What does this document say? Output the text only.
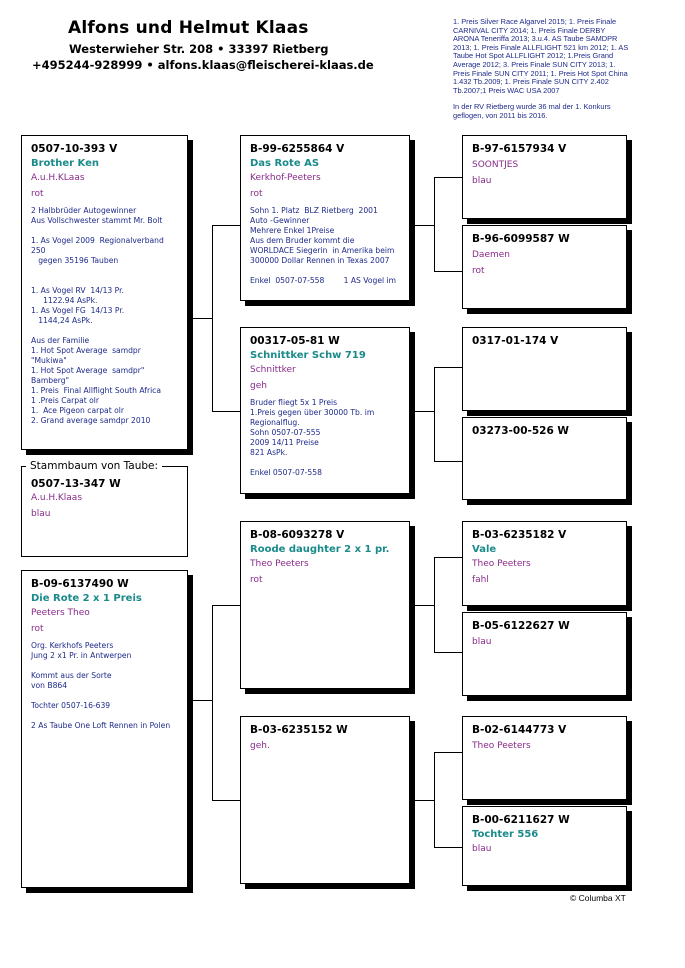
Alfons und Helmut Klaas
Westerwieher Str. 208 • 33397 Rietberg
+495244-928999 • alfons.klaas@fleischerei-klaas.de

1. Preis Silver Race Algarvel 2015; 1. Preis Finale

CARNIVAL CITY 2014; 1. Preis Finale DERBY

ARONA Teneriffa 2013; 3.u.4. AS Taube SAMDPR

2013; 1. Preis Finale ALLFLIGHT 521 km 2012; 1. AS

Taube Hot Spot ALLFLIGHT 2012; 1.Preis Grand

Average 2012; 3. Preis Finale SUN CITY 2013; 1.

Preis Finale SUN CITY 2011; 1. Preis Hot Spot China

1.432 Tb.2009; 1. Preis Finale SUN CITY 2.402

Tb.2007;1 Preis WAC USA 2007

In der RV Rietberg wurde 36 mal der 1. Konkurs

geflogen, von 2011 bis 2016.

0507-10-393 V
Brother Ken
A.u.H.KLaas
rot
2 Halbbrüder Autogewinner
Aus Vollschwester stammt Mr. Bolt
1. As Vogel 2009  Regionalverband
250
gegen 35196 Tauben
1. As Vogel RV  14/13 Pr.
1122.94 AsPk.
1. As Vogel FG  14/13 Pr.
1144,24 AsPk.
Aus der Familie
1. Hot Spot Average  samdpr
"Mukiwa"
1. Hot Spot Average  samdpr"
Bamberg"
1. Preis  Final Allflight South Africa
1 .Preis Carpat olr
1.  Ace Pigeon carpat olr
2. Grand average samdpr 2010
Stammbaum von Taube:
0507-13-347 W
A.u.H.Klaas
blau
B-09-6137490 W
Die Rote 2 x 1 Preis
Peeters Theo
rot
Org. Kerkhofs Peeters
Jung 2 x1 Pr. in Antwerpen
Kommt aus der Sorte
von B864
Tochter 0507-16-639
2 As Taube One Loft Rennen in Polen
B-99-6255864 V
Das Rote AS
Kerkhof-Peeters
rot
Sohn 1. Platz  BLZ Rietberg  2001
Auto -Gewinner
Mehrere Enkel 1Preise
Aus dem Bruder kommt die
WORLDACE Siegerin  in Amerika beim
300000 Dollar Rennen in Texas 2007
Enkel  0507-07-558        1 AS Vogel im
00317-05-81 W
Schnittker Schw 719
Schnittker
geh
Bruder fliegt 5x 1 Preis
1.Preis gegen über 30000 Tb. im
Regionalflug.
Sohn 0507-07-555
2009 14/11 Preise
821 AsPk.
Enkel 0507-07-558
B-08-6093278 V
Roode daughter 2 x 1 pr.
Theo Peeters
rot
B-03-6235152 W
geh.
B-97-6157934 V
SOONTJES
blau
B-96-6099587 W
Daemen
rot
0317-01-174 V
03273-00-526 W
B-03-6235182 V
Vale
Theo Peeters
fahl
B-05-6122627 W
blau
B-02-6144773 V
Theo Peeters
B-00-6211627 W
Tochter 556
blau
© Columba XT
